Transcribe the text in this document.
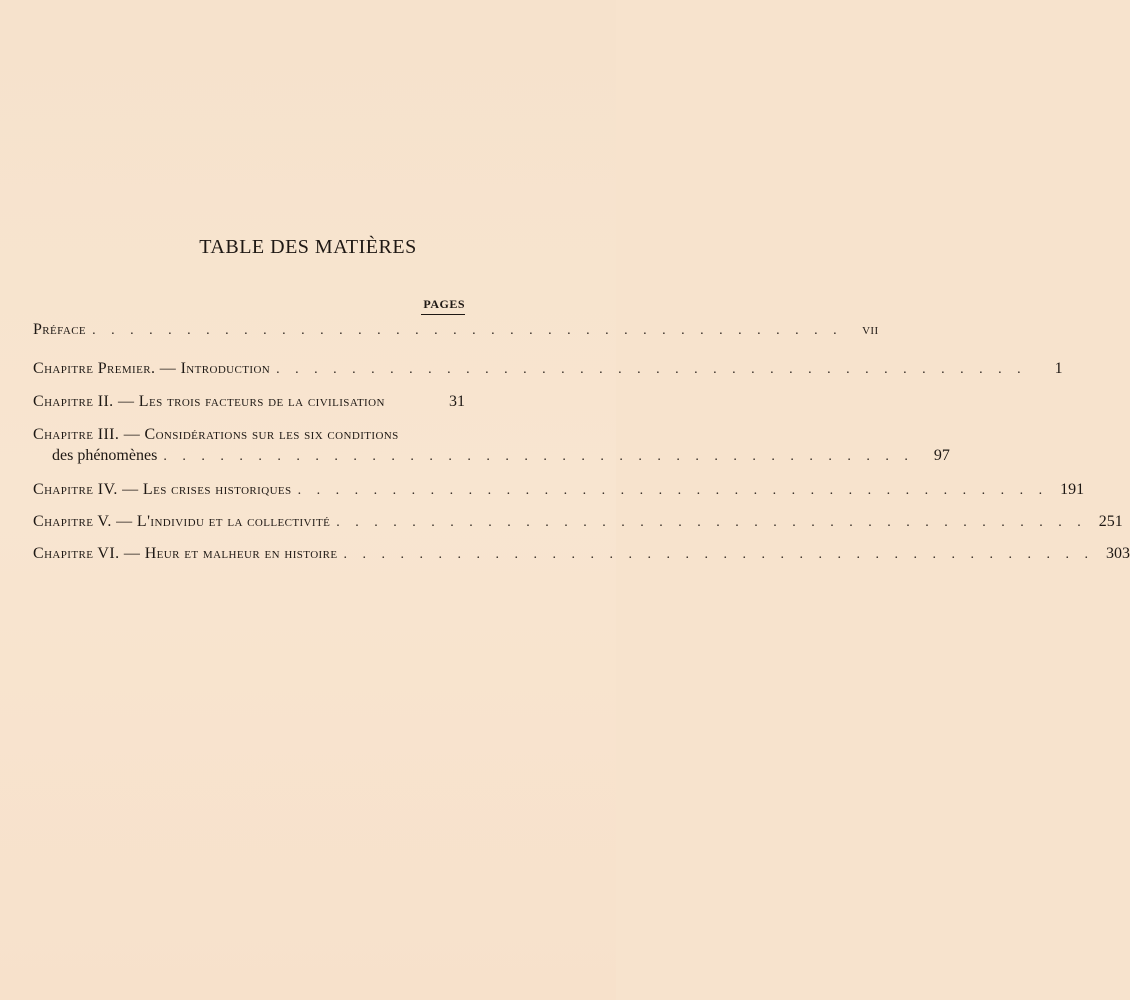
TABLE DES MATIÈRES
PAGES
Préface . . . . . . . . . . . . . . . . . . . . . . . . . . . . . . . . . . . . . . . .	vii
Chapitre Premier. — Introduction . . . . . . . . . . . . . . . . . . . . . . . . . . . . . . . . . . . . . . . .	1
Chapitre II. — Les trois facteurs de la civilisation	31
Chapitre III. — Considérations sur les six conditions
des phénomènes . . . . . . . . . . . . . . . . . . . . . . . . . . . . . . . . . . . . . . . .	97
Chapitre IV. — Les crises historiques . . . . . . . . . . . . . . . . . . . . . . . . . . . . . . . . . . . . . . . . 191
Chapitre V. — L'individu et la collectivité . . . . . . . . . . . . . . . . . . . . . . . . . . . . . . . . . . . . . . . . 251
Chapitre VI. — Heur et malheur en histoire . . . . . . . . . . . . . . . . . . . . . . . . . . . . . . . . . . . . . . . . 303
